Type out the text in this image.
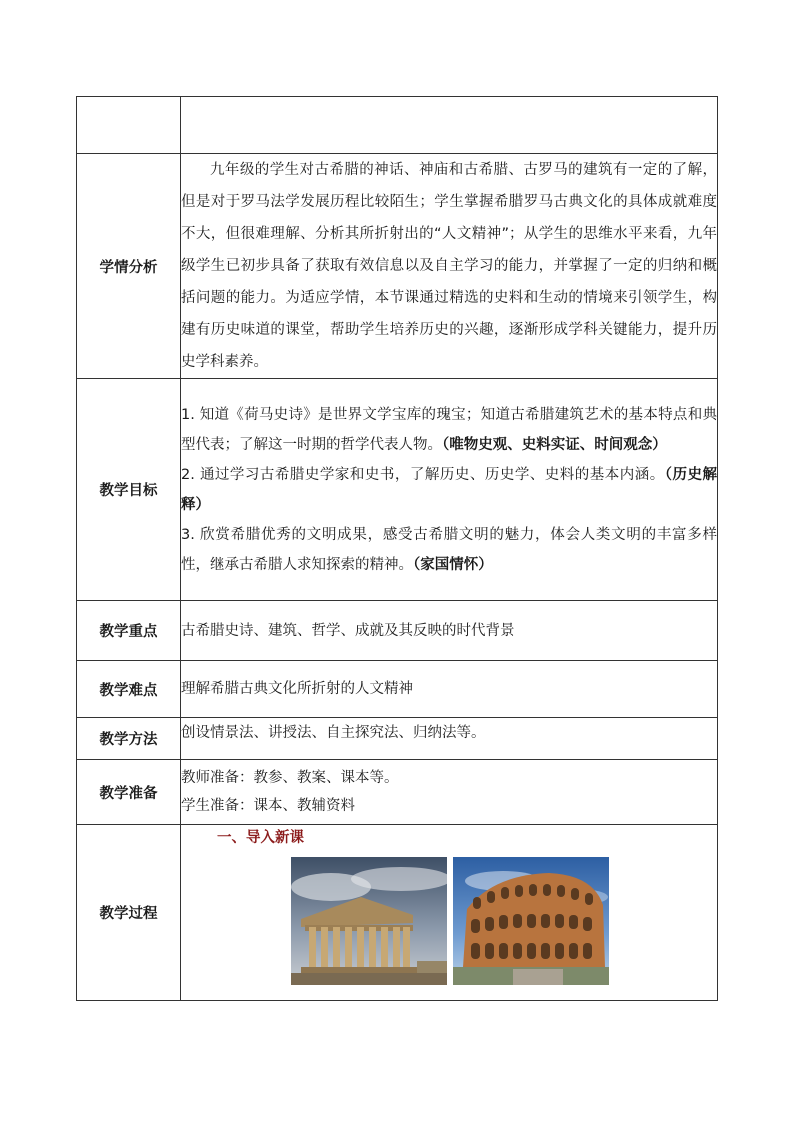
学情分析	九年级的学生对古希腊的神话、神庙和古希腊、古罗马的建筑有一定的了解，但是对于罗马法学发展历程比较陌生；学生掌握希腊罗马古典文化的具体成就难度不大，但很难理解、分析其所折射出的“人文精神”；从学生的思维水平来看，九年级学生已初步具备了获取有效信息以及自主学习的能力，并掌握了一定的归纳和概括问题的能力。为适应学情，本节课通过精选的史料和生动的情境来引领学生，构建有历史味道的课堂，帮助学生培养历史的兴趣，逐渐形成学科关键能力，提升历史学科素养。

教学目标	1. 知道《荷马史诗》是世界文学宝库的瑰宝；知道古希腊建筑艺术的基本特点和典型代表；了解这一时期的哲学代表人物。（唯物史观、史料实证、时间观念）

2. 通过学习古希腊史学家和史书，了解历史、历史学、史料的基本内涵。（历史解释）

3. 欣赏希腊优秀的文明成果，感受古希腊文明的魅力，体会人类文明的丰富多样性，继承古希腊人求知探索的精神。（家国情怀）

教学重点	古希腊史诗、建筑、哲学、成就及其反映的时代背景
教学难点	理解希腊古典文化所折射的人文精神
教学方法	创设情景法、讲授法、自主探究法、归纳法等。
教学准备	教师准备：教参、教案、课本等。

学生准备：课本、教辅资料

教学过程	一、导入新课
